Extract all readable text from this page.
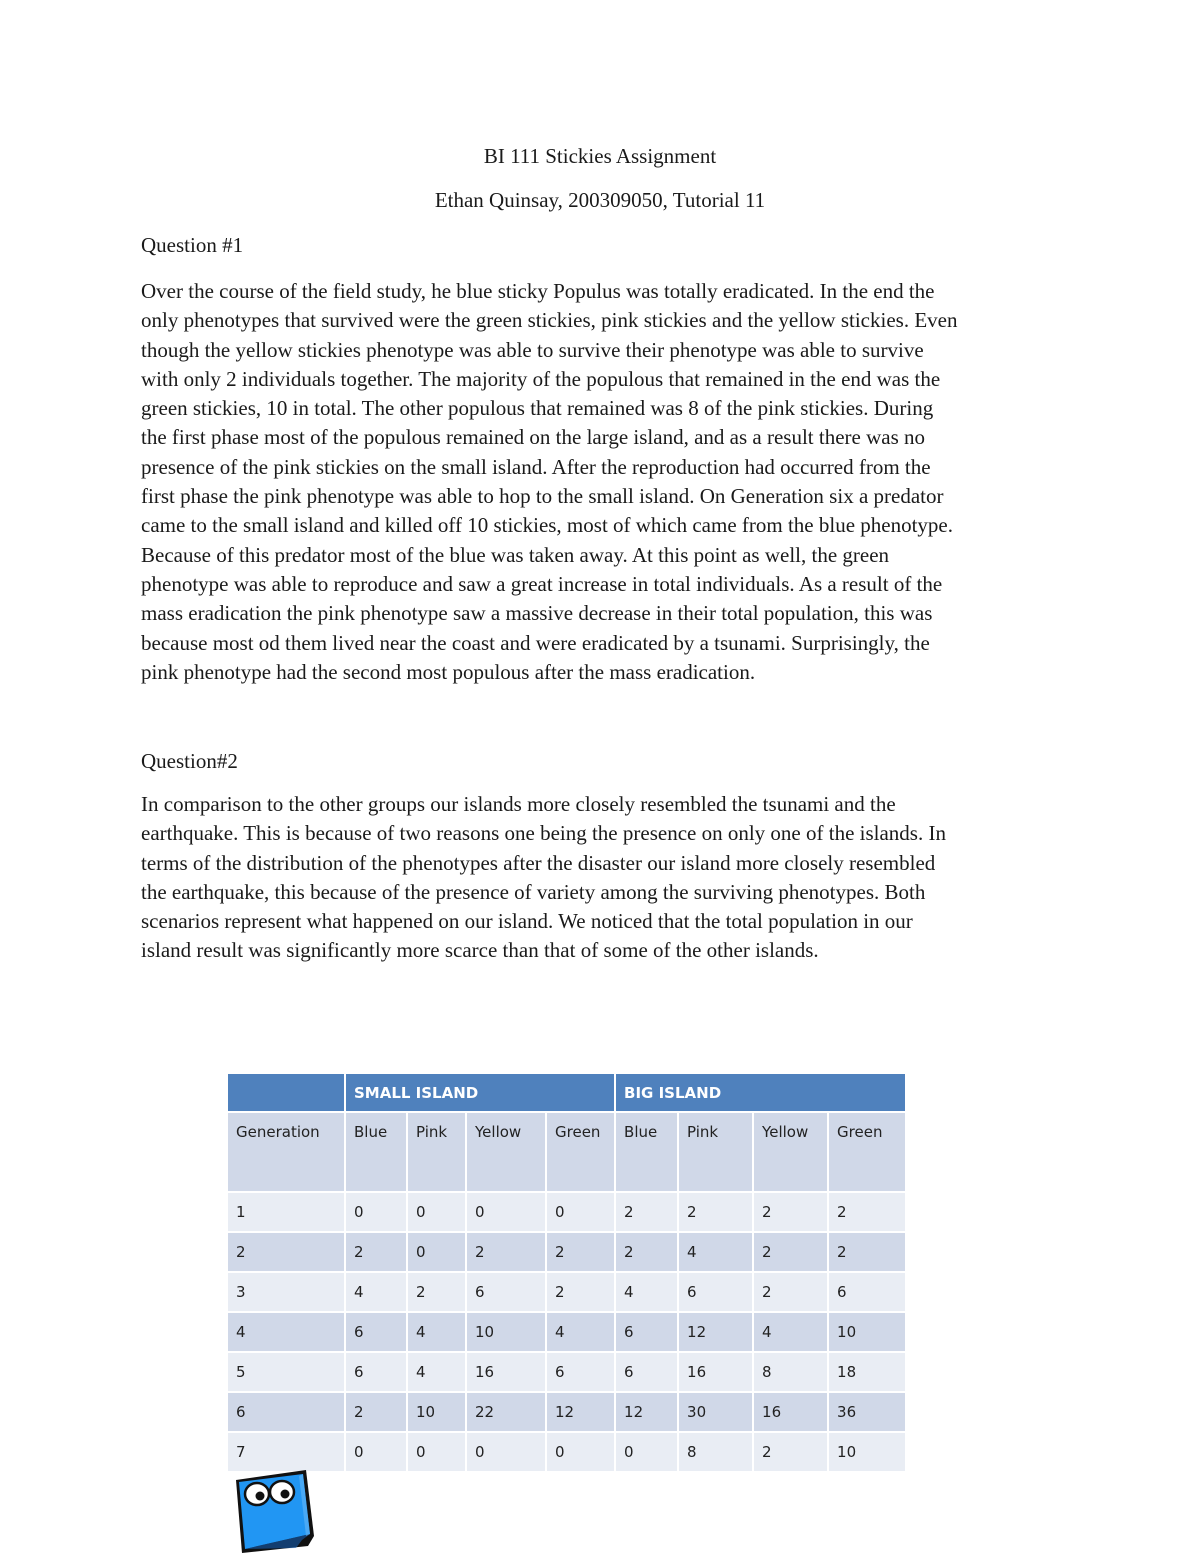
BI 111 Stickies Assignment
Ethan Quinsay, 200309050, Tutorial 11
Question #1

Over the course of the field study, he blue sticky Populus was totally eradicated. In the end the
only phenotypes that survived were the green stickies, pink stickies and the yellow stickies. Even
though the yellow stickies phenotype was able to survive their phenotype was able to survive
with only 2 individuals together. The majority of the populous that remained in the end was the
green stickies, 10 in total. The other populous that remained was 8 of the pink stickies. During
the first phase most of the populous remained on the large island, and as a result there was no
presence of the pink stickies on the small island. After the reproduction had occurred from the
first phase the pink phenotype was able to hop to the small island. On Generation six a predator
came to the small island and killed off 10 stickies, most of which came from the blue phenotype.
Because of this predator most of the blue was taken away. At this point as well, the green
phenotype was able to reproduce and saw a great increase in total individuals. As a result of the
mass eradication the pink phenotype saw a massive decrease in their total population, this was
because most od them lived near the coast and were eradicated by a tsunami. Surprisingly, the
pink phenotype had the second most populous after the mass eradication.

Question#2

In comparison to the other groups our islands more closely resembled the tsunami and the
earthquake. This is because of two reasons one being the presence on only one of the islands. In
terms of the distribution of the phenotypes after the disaster our island more closely resembled
the earthquake, this because of the presence of variety among the surviving phenotypes. Both
scenarios represent what happened on our island. We noticed that the total population in our
island result was significantly more scarce than that of some of the other islands.

	SMALL ISLAND				BIG ISLAND			
Generation	Blue	Pink	Yellow	Green	Blue	Pink	Yellow	Green
1	0	0	0	0	2	2	2	2
2	2	0	2	2	2	4	2	2
3	4	2	6	2	4	6	2	6
4	6	4	10	4	6	12	4	10
5	6	4	16	6	6	16	8	18
6	2	10	22	12	12	30	16	36
7	0	0	0	0	0	8	2	10
